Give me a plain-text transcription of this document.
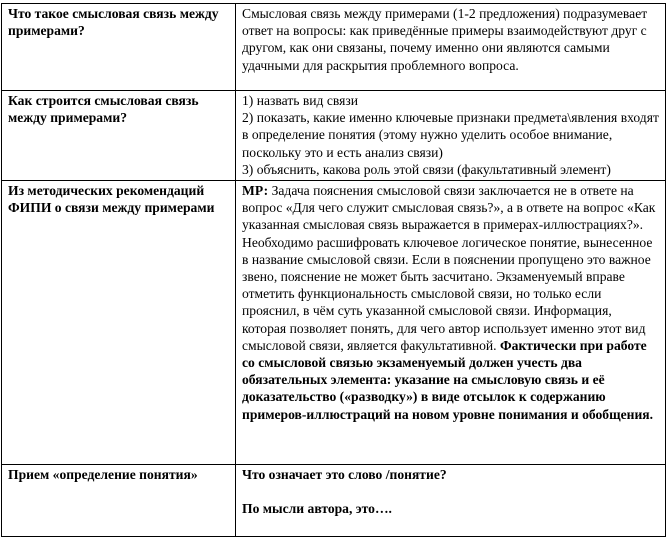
Что такое смысловая связь между примерами?	Смысловая связь между примерами (1-2 предложения) подразумевает ответ на вопросы: как приведённые примеры взаимодействуют друг с другом, как они связаны, почему именно они являются самыми удачными для раскрытия проблемного вопроса.
Как строится смысловая связь между примерами?	1) назвать вид связи
2) показать, какие именно ключевые признаки предмета\явления входят в определение понятия (этому нужно уделить особое внимание, поскольку это и есть анализ связи)
3) объяснить, какова роль этой связи (факультативный элемент)

Из методических рекомендаций ФИПИ о связи между примерами	МР: Задача пояснения смысловой связи заключается не в ответе на вопрос «Для чего служит смысловая связь?», а в ответе на вопрос «Как указанная смысловая связь выражается в примерах-иллюстрациях?». Необходимо расшифровать ключевое логическое понятие, вынесенное в название смысловой связи. Если в пояснении пропущено это важное звено, пояснение не может быть засчитано. Экзаменуемый вправе отметить функциональность смысловой связи, но только если прояснил, в чём суть указанной смысловой связи. Информация, которая позволяет понять, для чего автор использует именно этот вид смысловой связи, является факультативной. Фактически при работе со смысловой связью экзаменуемый должен учесть два обязательных элемента: указание на смысловую связь и её доказательство («разводку») в виде отсылок к содержанию примеров-иллюстраций на новом уровне понимания и обобщения.
Прием «определение понятия»	Что означает это слово /понятие?
По мысли автора, это….
